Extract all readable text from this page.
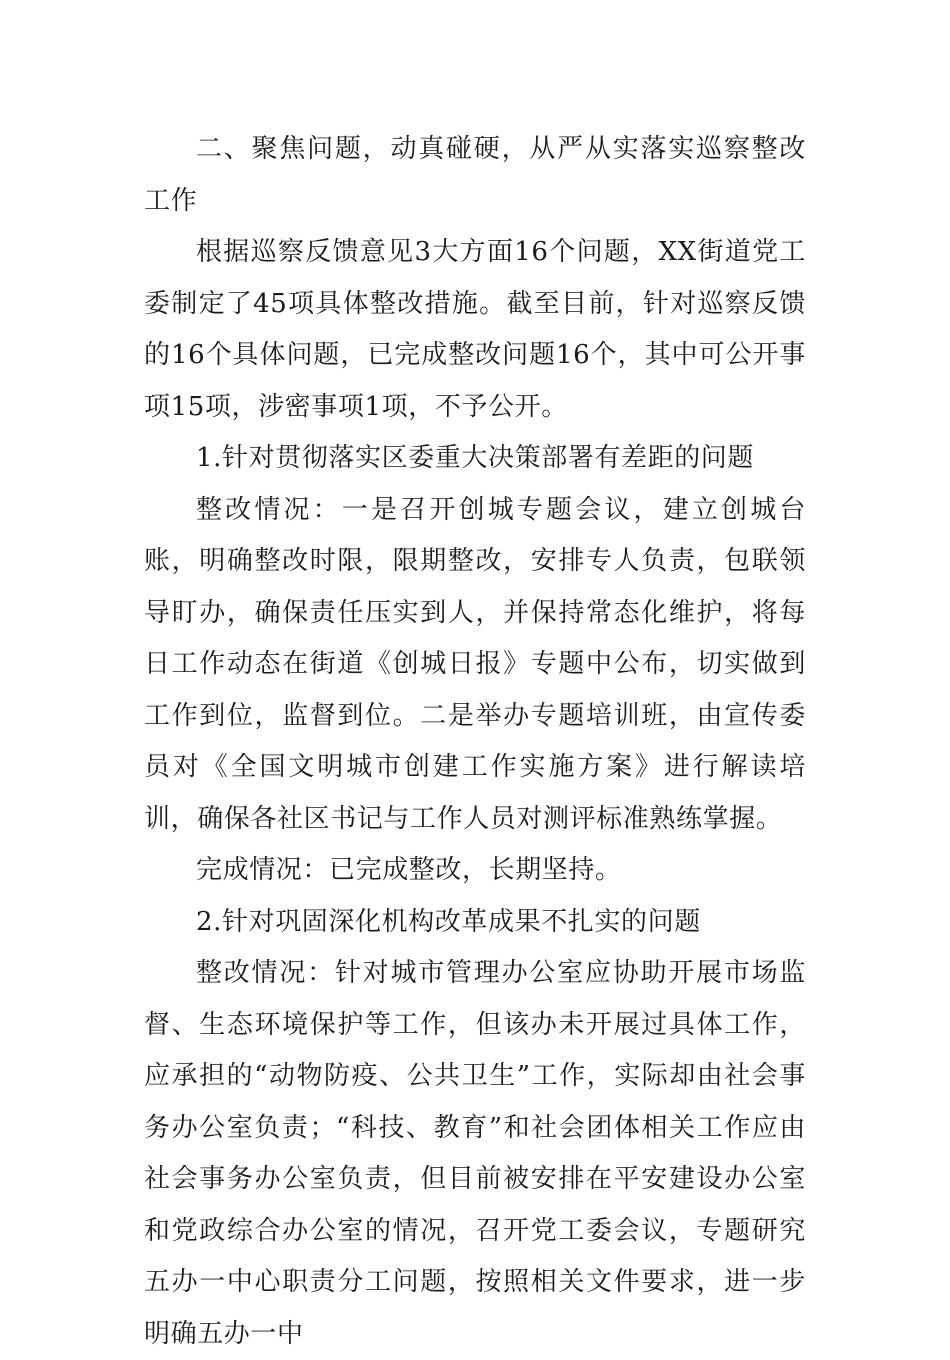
二、聚焦问题，动真碰硬，从严从实落实巡察整改工作

根据巡察反馈意见3大方面16个问题，XX街道党工委制定了45项具体整改措施。截至目前，针对巡察反馈的16个具体问题，已完成整改问题16个，其中可公开事项15项，涉密事项1项，不予公开。

1.针对贯彻落实区委重大决策部署有差距的问题

整改情况：一是召开创城专题会议，建立创城台账，明确整改时限，限期整改，安排专人负责，包联领导盯办，确保责任压实到人，并保持常态化维护，将每日工作动态在街道《创城日报》专题中公布，切实做到工作到位，监督到位。二是举办专题培训班，由宣传委员对《全国文明城市创建工作实施方案》进行解读培训，确保各社区书记与工作人员对测评标准熟练掌握。

完成情况：已完成整改，长期坚持。

2.针对巩固深化机构改革成果不扎实的问题

整改情况：针对城市管理办公室应协助开展市场监督、生态环境保护等工作，但该办未开展过具体工作，应承担的“动物防疫、公共卫生”工作，实际却由社会事务办公室负责；“科技、教育”和社会团体相关工作应由社会事务办公室负责，但目前被安排在平安建设办公室和党政综合办公室的情况，召开党工委会议，专题研究五办一中心职责分工问题，按照相关文件要求，进一步明确五办一中
